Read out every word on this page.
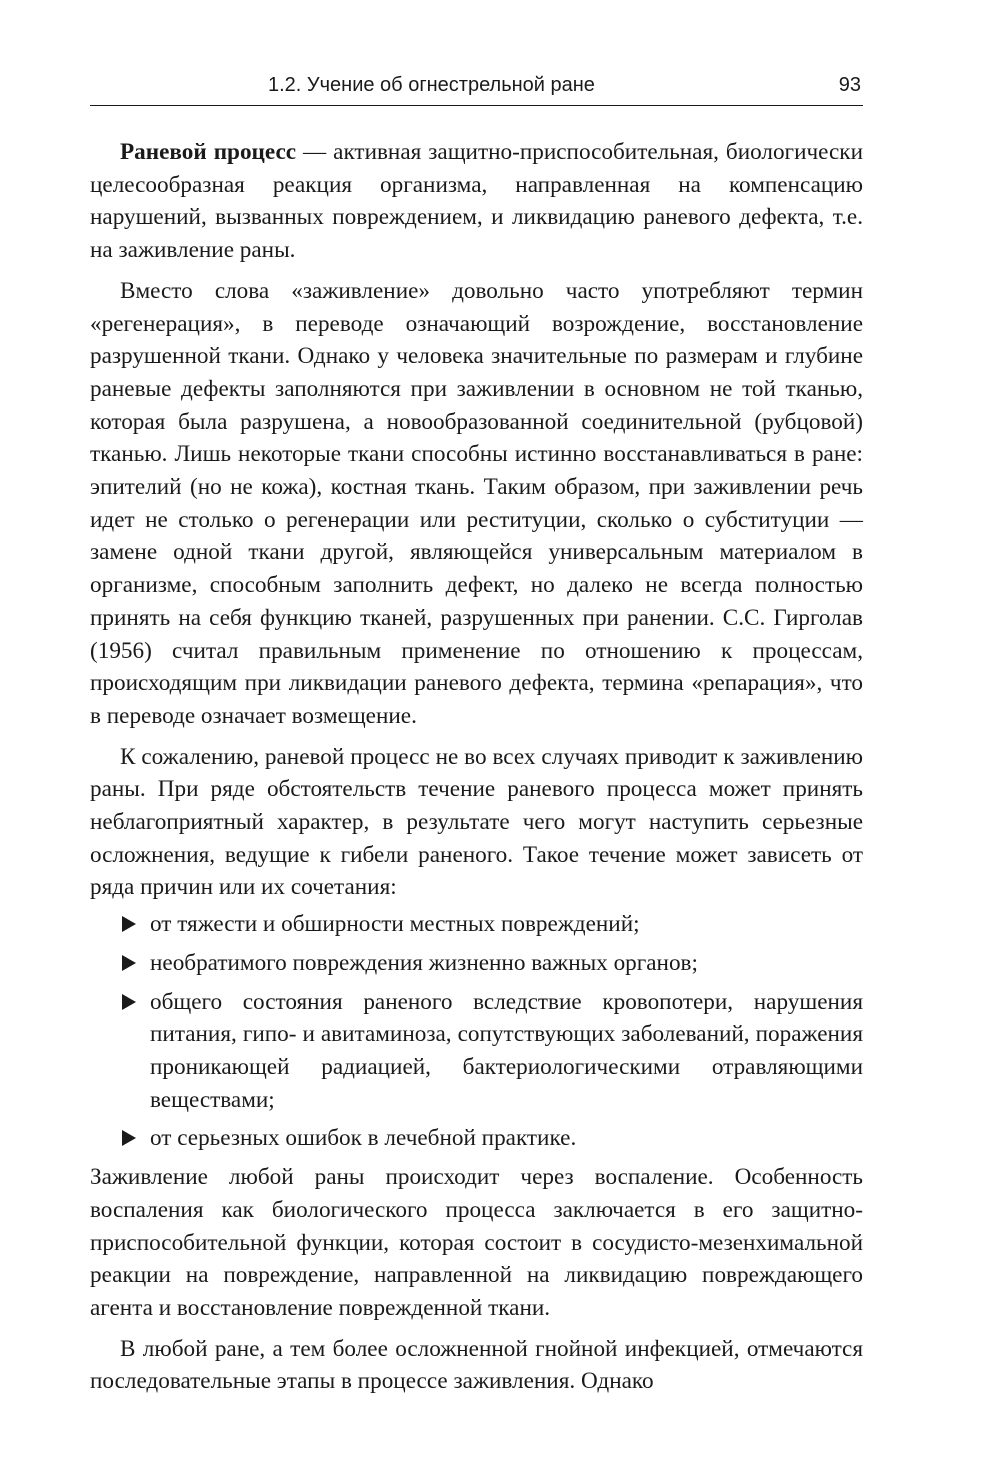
1.2. Учение об огнестрельной ране	93

Раневой процесс — активная защитно-приспособительная, биологически целесообразная реакция организма, направленная на компенсацию нарушений, вызванных повреждением, и ликвидацию раневого дефекта, т.е. на заживление раны.

Вместо слова «заживление» довольно часто употребляют термин «регенерация», в переводе означающий возрождение, восстановление разрушенной ткани. Однако у человека значительные по размерам и глубине раневые дефекты заполняются при заживлении в основном не той тканью, которая была разрушена, а новообразованной соединительной (рубцовой) тканью. Лишь некоторые ткани способны истинно восстанавливаться в ране: эпителий (но не кожа), костная ткань. Таким образом, при заживлении речь идет не столько о регенерации или реституции, сколько о субституции — замене одной ткани другой, являющейся универсальным материалом в организме, способным заполнить дефект, но далеко не всегда полностью принять на себя функцию тканей, разрушенных при ранении. С.С. Гирголав (1956) считал правильным применение по отношению к процессам, происходящим при ликвидации раневого дефекта, термина «репарация», что в переводе означает возмещение.

К сожалению, раневой процесс не во всех случаях приводит к заживлению раны. При ряде обстоятельств течение раневого процесса может принять неблагоприятный характер, в результате чего могут наступить серьезные осложнения, ведущие к гибели раненого. Такое течение может зависеть от ряда причин или их сочетания:

от тяжести и обширности местных повреждений;
необратимого повреждения жизненно важных органов;
общего состояния раненого вследствие кровопотери, нарушения питания, гипо- и авитаминоза, сопутствующих заболеваний, поражения проникающей радиацией, бактериологическими отравляющими веществами;
от серьезных ошибок в лечебной практике.

Заживление любой раны происходит через воспаление. Особенность воспаления как биологического процесса заключается в его защитно-приспособительной функции, которая состоит в сосудисто-мезенхимальной реакции на повреждение, направленной на ликвидацию повреждающего агента и восстановление поврежденной ткани.

В любой ране, а тем более осложненной гнойной инфекцией, отмечаются последовательные этапы в процессе заживления. Однако
